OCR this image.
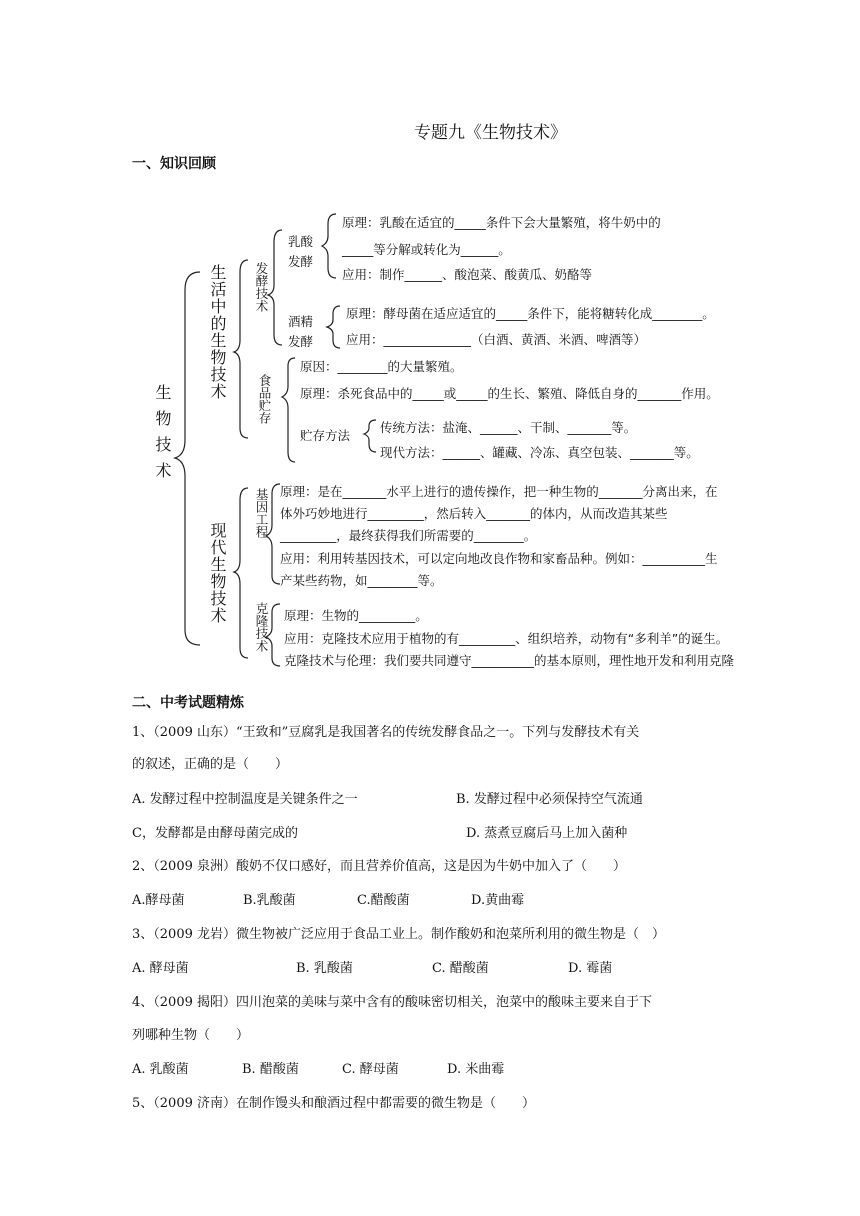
专题九《生物技术》
一、知识回顾
生物技术
生活中的生物技术
现代生物技术
发酵技术
乳酸
发酵
原理：乳酸在适宜的_____条件下会大量繁殖，将牛奶中的
_____等分解或转化为______。
应用：制作______、酸泡菜、酸黄瓜、奶酪等
酒精
发酵
原理：酵母菌在适应适宜的_____条件下，能将糖转化成________。
应用：______________（白酒、黄酒、米酒、啤酒等）
食品贮存
原因：________的大量繁殖。
原理：杀死食品中的_____或_____的生长、繁殖、降低自身的_______作用。
贮存方法
传统方法：盐淹、______、干制、_______等。
现代方法：______、罐藏、冷冻、真空包装、_______等。
基因工程 原理：是在_______水平上进行的遗传操作，把一种生物的_______分离出来，在
体外巧妙地进行_________，然后转入_______的体内，从而改造其某些
_________，最终获得我们所需要的________。
应用：利用转基因技术，可以定向地改良作物和家畜品种。例如：__________生
产某些药物，如________等。
克隆技术 原理：生物的_________。
应用：克隆技术应用于植物的有_________、组织培养，动物有“多利羊”的诞生。
克隆技术与伦理：我们要共同遵守__________的基本原则，理性地开发和利用克隆
二、中考试题精炼
1、（2009 山东）“王致和”豆腐乳是我国著名的传统发酵食品之一。下列与发酵技术有关
的叙述，正确的是（　　）
A. 发酵过程中控制温度是关键条件之一	B. 发酵过程中必须保持空气流通
C，发酵都是由酵母菌完成的	D. 蒸煮豆腐后马上加入菌种
2、（2009 泉洲）酸奶不仅口感好，而且营养价值高，这是因为牛奶中加入了（　　）
A.酵母菌	B.乳酸菌	C.醋酸菌	D.黄曲霉
3、（2009 龙岩）微生物被广泛应用于食品工业上。制作酸奶和泡菜所利用的微生物是（　）
A. 酵母菌	B. 乳酸菌	C. 醋酸菌	D. 霉菌
4、（2009 揭阳）四川泡菜的美味与菜中含有的酸味密切相关，泡菜中的酸味主要来自于下
列哪种生物（　　）
A. 乳酸菌	B. 醋酸菌	C. 酵母菌	D. 米曲霉
5、（2009 济南）在制作馒头和酿酒过程中都需要的微生物是（　　）
